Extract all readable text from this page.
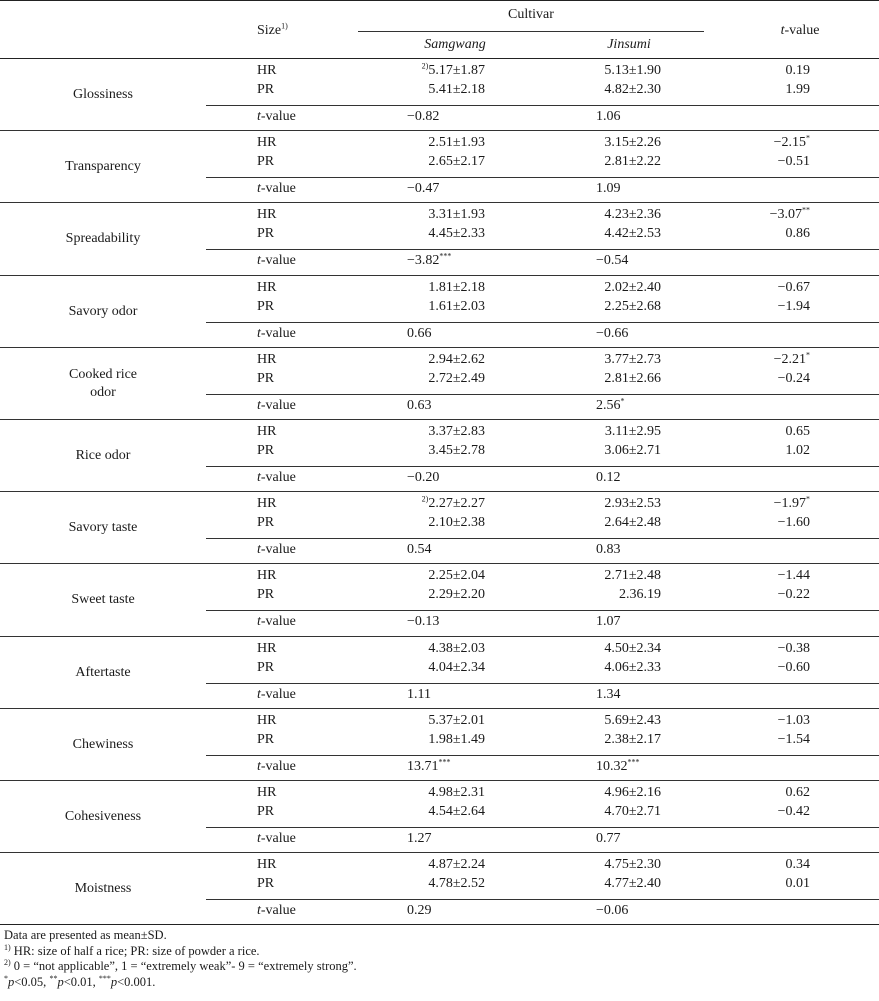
Size$^{1)}$
Cultivar
Samgwang	Jinsumi
t-value
Glossiness
HR	$^{2)}$5.17±1.87	5.13±1.90	0.19
PR	5.41±2.18	4.82±2.30	1.99
t-value	−0.82	1.06
Transparency
HR	2.51±1.93	3.15±2.26	−2.15*
PR	2.65±2.17	2.81±2.22	−0.51
t-value	−0.47	1.09
Spreadability
HR	3.31±1.93	4.23±2.36	−3.07**
PR	4.45±2.33	4.42±2.53	0.86
t-value	−3.82***	−0.54
Savory odor
HR	1.81±2.18	2.02±2.40	−0.67
PR	1.61±2.03	2.25±2.68	−1.94
t-value	0.66	−0.66
Cooked rice
odor
HR	2.94±2.62	3.77±2.73	−2.21*
PR	2.72±2.49	2.81±2.66	−0.24
t-value	0.63	2.56*
Rice odor
HR	3.37±2.83	3.11±2.95	0.65
PR	3.45±2.78	3.06±2.71	1.02
t-value	−0.20	0.12
Savory taste
HR	$^{2)}$2.27±2.27	2.93±2.53	−1.97*
PR	2.10±2.38	2.64±2.48	−1.60
t-value	0.54	0.83
Sweet taste
HR	2.25±2.04	2.71±2.48	−1.44
PR	2.29±2.20	2.36.19	−0.22
t-value	−0.13	1.07
Aftertaste
HR	4.38±2.03	4.50±2.34	−0.38
PR	4.04±2.34	4.06±2.33	−0.60
t-value	1.11	1.34
Chewiness
HR	5.37±2.01	5.69±2.43	−1.03
PR	1.98±1.49	2.38±2.17	−1.54
t-value	13.71***	10.32***
Cohesiveness
HR	4.98±2.31	4.96±2.16	0.62
PR	4.54±2.64	4.70±2.71	−0.42
t-value	1.27	0.77
Moistness
HR	4.87±2.24	4.75±2.30	0.34
PR	4.78±2.52	4.77±2.40	0.01
t-value	0.29	−0.06
Data are presented as mean±SD.
$^{1)}$ HR: size of half a rice; PR: size of powder a rice.
$^{2)}$ 0 = “not applicable”, 1 = “extremely weak”- 9 = “extremely strong”.
*p<0.05, **p<0.01, ***p<0.001.
